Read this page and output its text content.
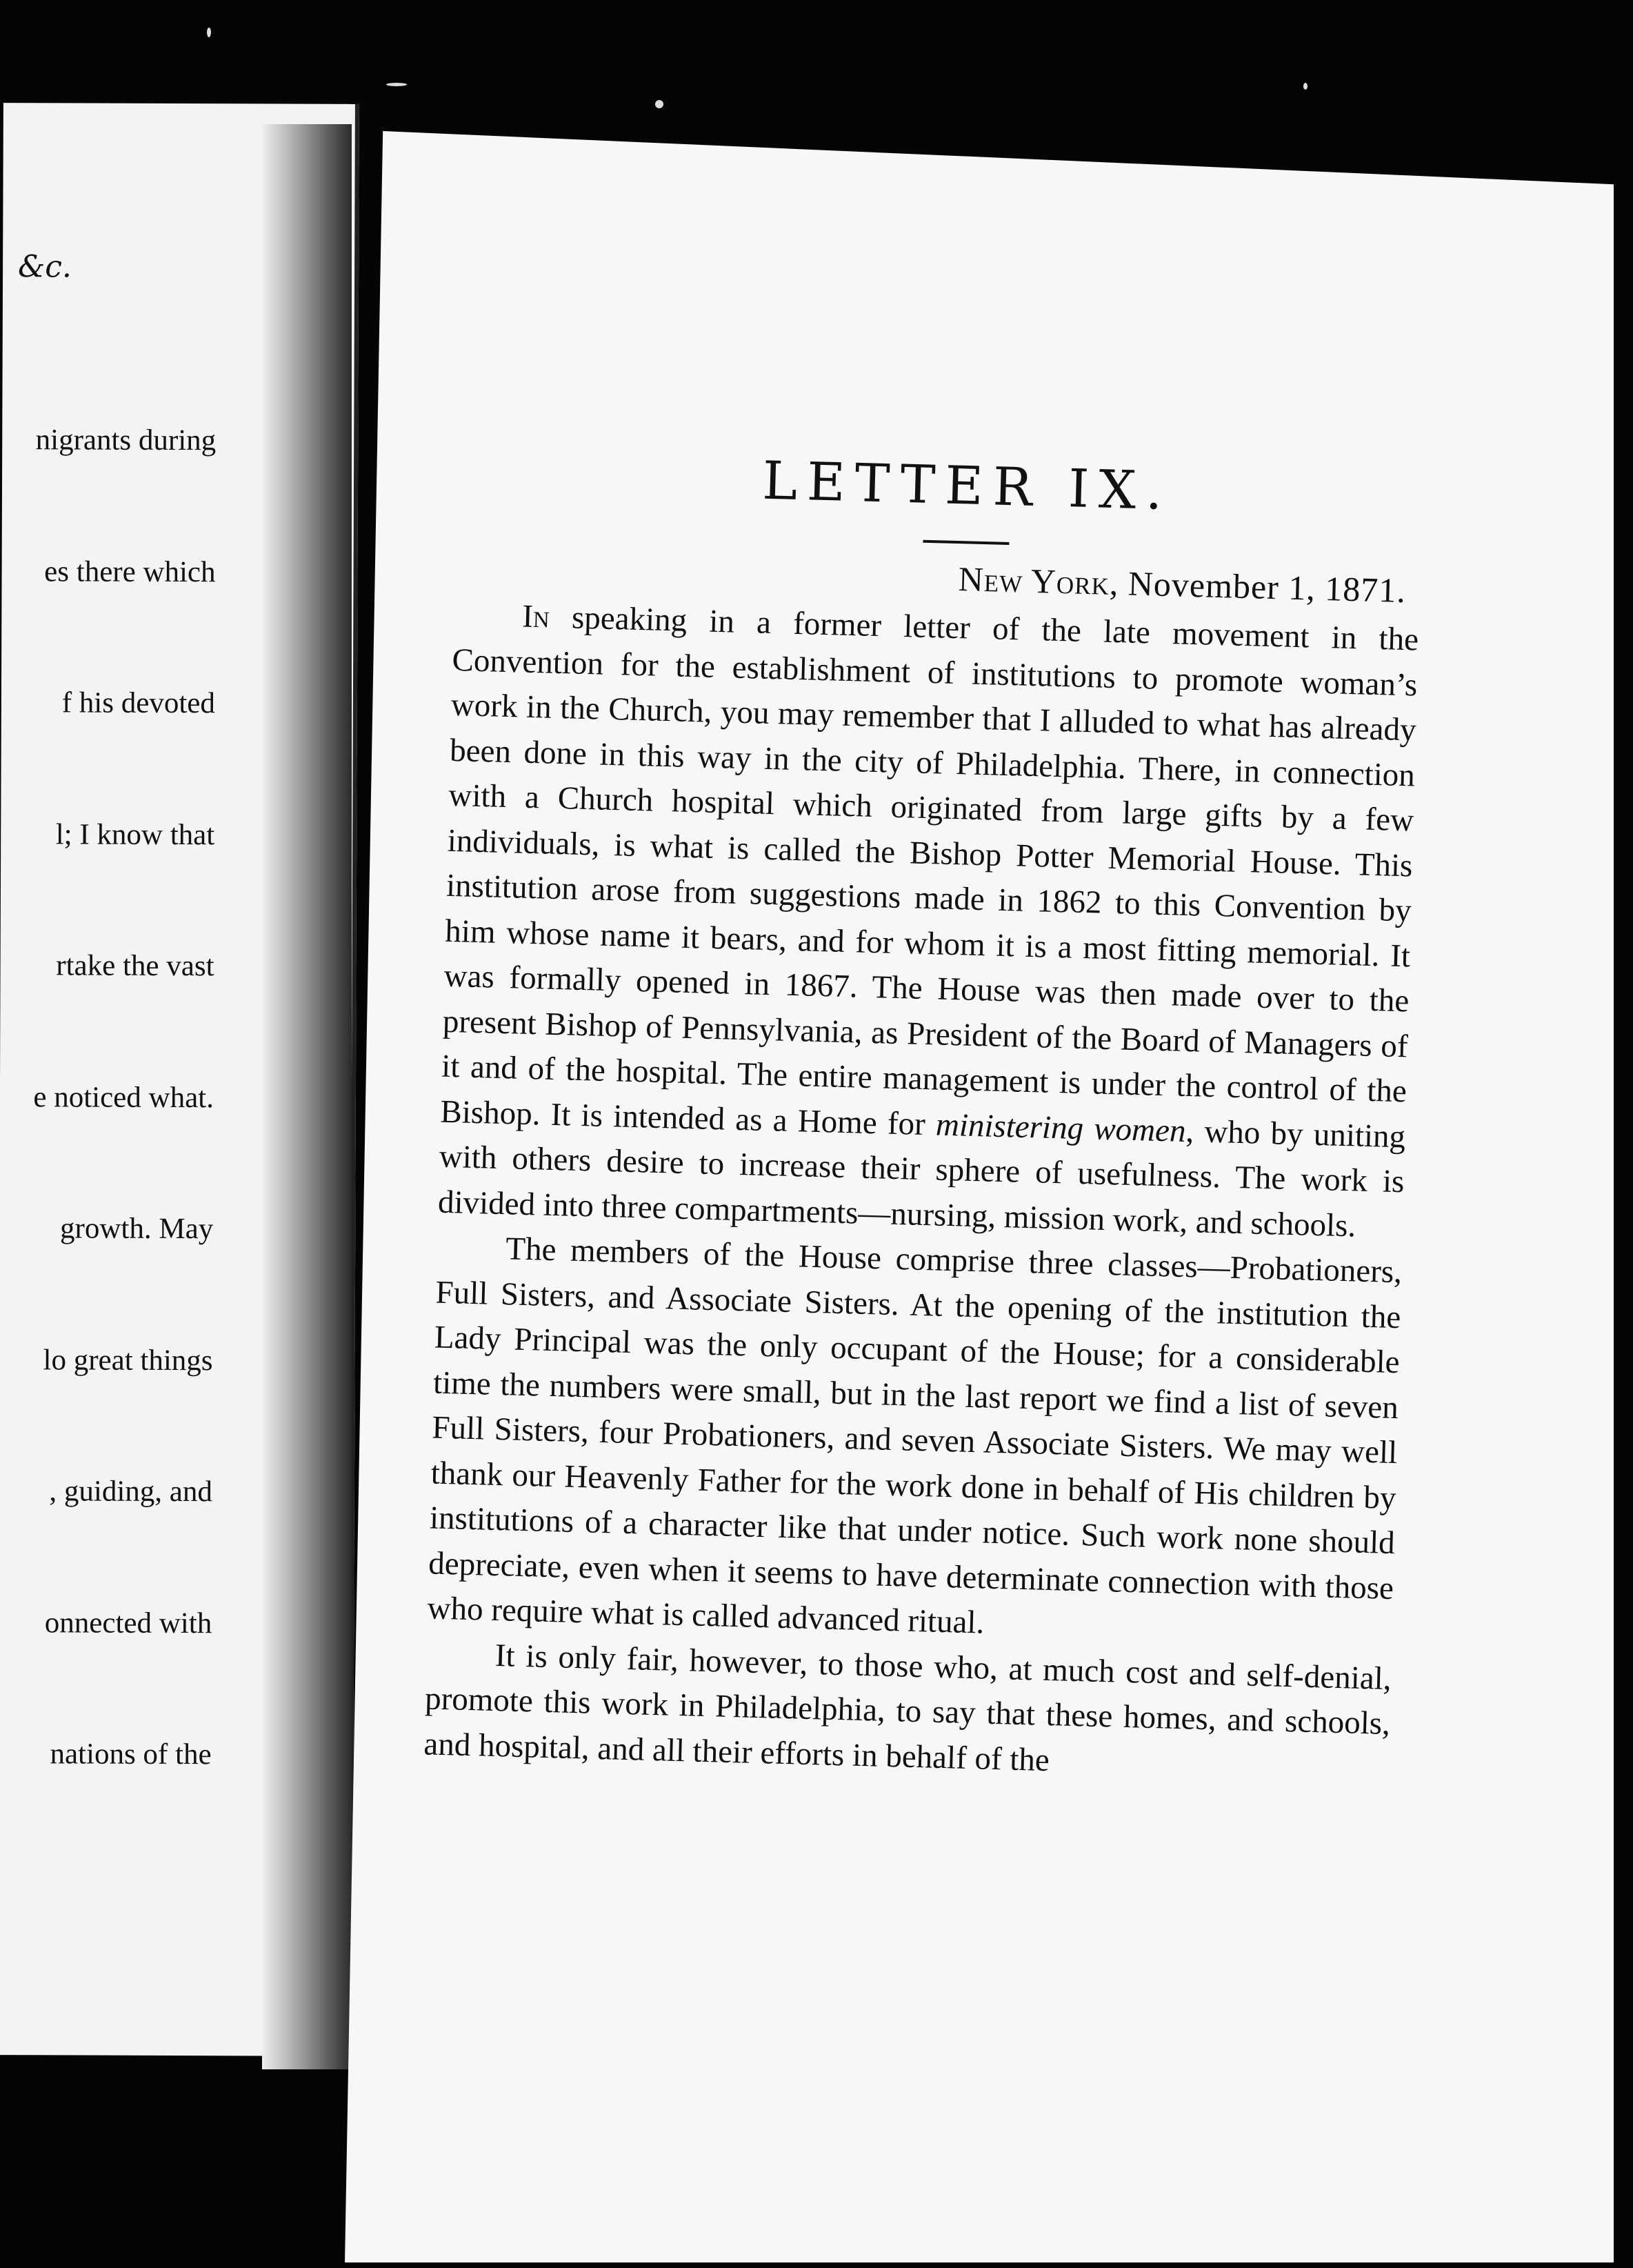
&c.

nigrants during

es there which

f his devoted

l; I know that

rtake the vast

e noticed what.

growth. May

lo great things

, guiding, and

onnected with

nations of the

LETTER IX.

New York, November 1, 1871.

In speaking in a former letter of the late movement in the Convention for the establishment of institutions to promote woman’s work in the Church, you may remember that I alluded to what has already been done in this way in the city of Philadelphia. There, in connection with a Church hospital which originated from large gifts by a few individuals, is what is called the Bishop Potter Memorial House. This institution arose from suggestions made in 1862 to this Convention by him whose name it bears, and for whom it is a most fitting memorial. It was formally opened in 1867. The House was then made over to the present Bishop of Pennsylvania, as President of the Board of Managers of it and of the hospital. The entire management is under the control of the Bishop. It is intended as a Home for ministering women, who by uniting with others desire to increase their sphere of usefulness. The work is divided into three compartments—nursing, mission work, and schools.

The members of the House comprise three classes—Probationers, Full Sisters, and Associate Sisters. At the opening of the institution the Lady Principal was the only occupant of the House; for a considerable time the numbers were small, but in the last report we find a list of seven Full Sisters, four Probationers, and seven Associate Sisters. We may well thank our Heavenly Father for the work done in behalf of His children by institutions of a character like that under notice. Such work none should depreciate, even when it seems to have determinate connection with those who require what is called advanced ritual.

It is only fair, however, to those who, at much cost and self-denial, promote this work in Philadelphia, to say that these homes, and schools, and hospital, and all their efforts in behalf of the
